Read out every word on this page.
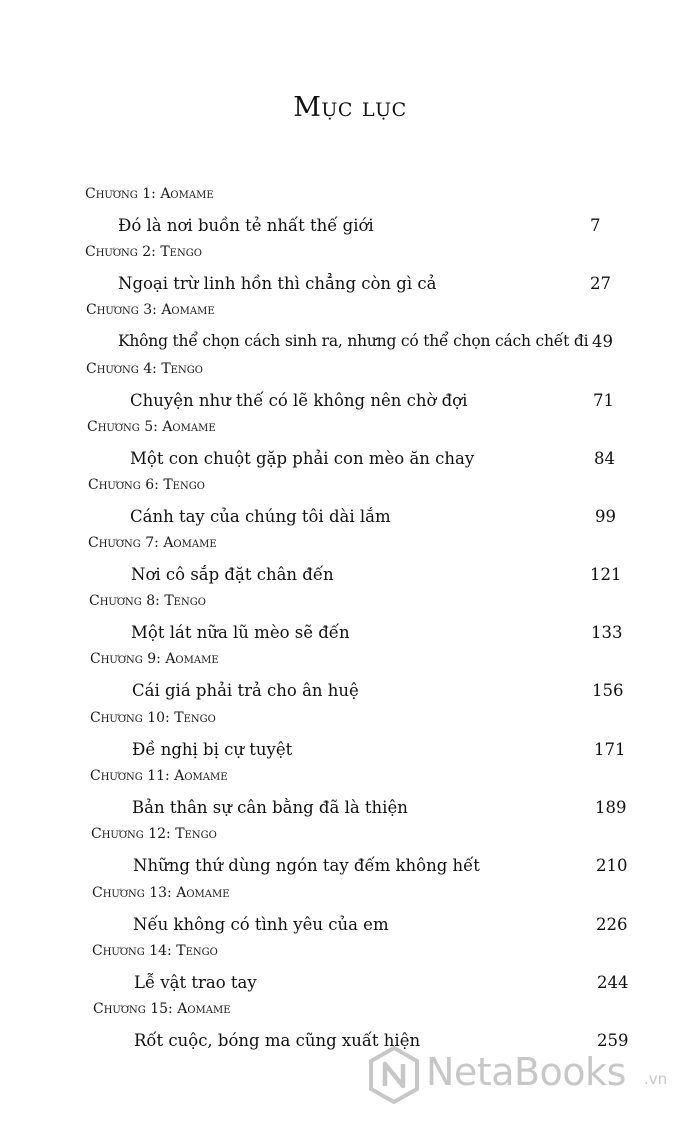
Mục lục
Chương 1: Aomame
Đó là nơi buồn tẻ nhất thế giới	7
Chương 2: Tengo
Ngoại trừ linh hồn thì chẳng còn gì cả	27
Chương 3: Aomame
Không thể chọn cách sinh ra, nhưng có thể chọn cách chết đi 49
Chương 4: Tengo
Chuyện như thế có lẽ không nên chờ đợi	71
Chương 5: Aomame
Một con chuột gặp phải con mèo ăn chay	84
Chương 6: Tengo
Cánh tay của chúng tôi dài lắm	99
Chương 7: Aomame
Nơi cô sắp đặt chân đến	121
Chương 8: Tengo
Một lát nữa lũ mèo sẽ đến	133
Chương 9: Aomame
Cái giá phải trả cho ân huệ	156
Chương 10: Tengo
Đề nghị bị cự tuyệt	171
Chương 11: Aomame
Bản thân sự cân bằng đã là thiện	189
Chương 12: Tengo
Những thứ dùng ngón tay đếm không hết	210
Chương 13: Aomame
Nếu không có tình yêu của em	226
Chương 14: Tengo
Lễ vật trao tay	244
Chương 15: Aomame
Rốt cuộc, bóng ma cũng xuất hiện	259
NetaBooks .vn
